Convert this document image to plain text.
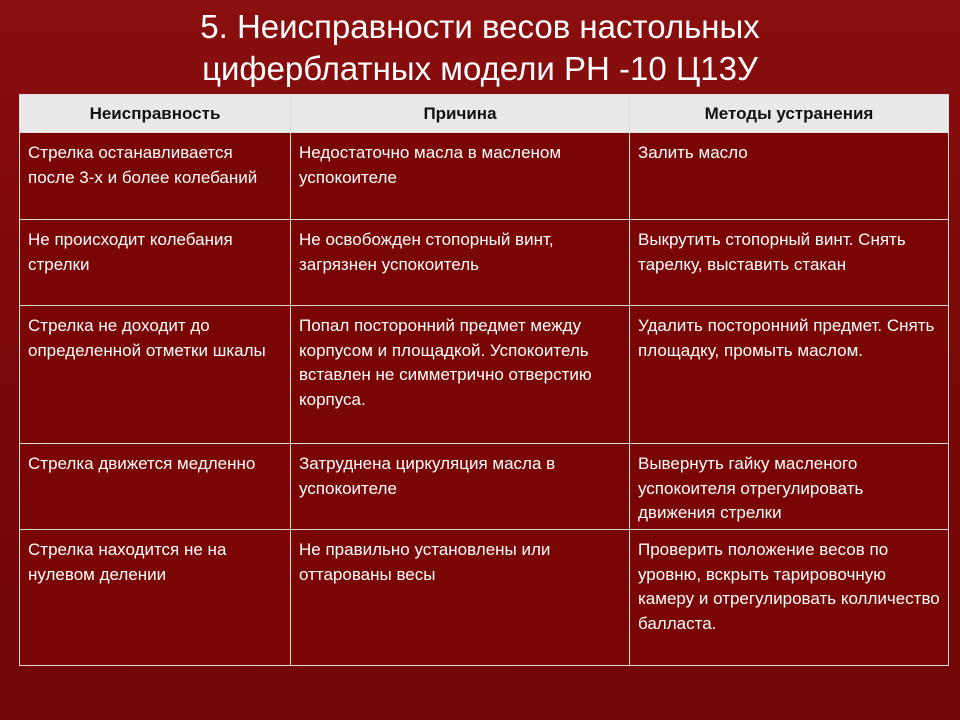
5. Неисправности весов настольных
циферблатных модели РН -10 Ц13У
Неисправность	Причина	Методы устранения
Стрелка останавливается после 3-х и более колебаний	Недостаточно масла в масленом успокоителе	Залить масло
Не происходит колебания стрелки	Не освобожден стопорный винт, загрязнен успокоитель	Выкрутить стопорный винт. Снять тарелку, выставить стакан
Стрелка не доходит до определенной отметки шкалы	Попал посторонний предмет между корпусом и площадкой. Успокоитель вставлен не симметрично отверстию корпуса.	Удалить посторонний предмет. Снять площадку, промыть маслом.
Стрелка движется медленно	Затруднена циркуляция масла в успокоителе	Вывернуть гайку масленого успокоителя отрегулировать движения стрелки
Стрелка находится не на нулевом делении	Не правильно установлены или оттарованы весы	Проверить положение весов по уровню, вскрыть тарировочную камеру и отрегулировать колличество балласта.
